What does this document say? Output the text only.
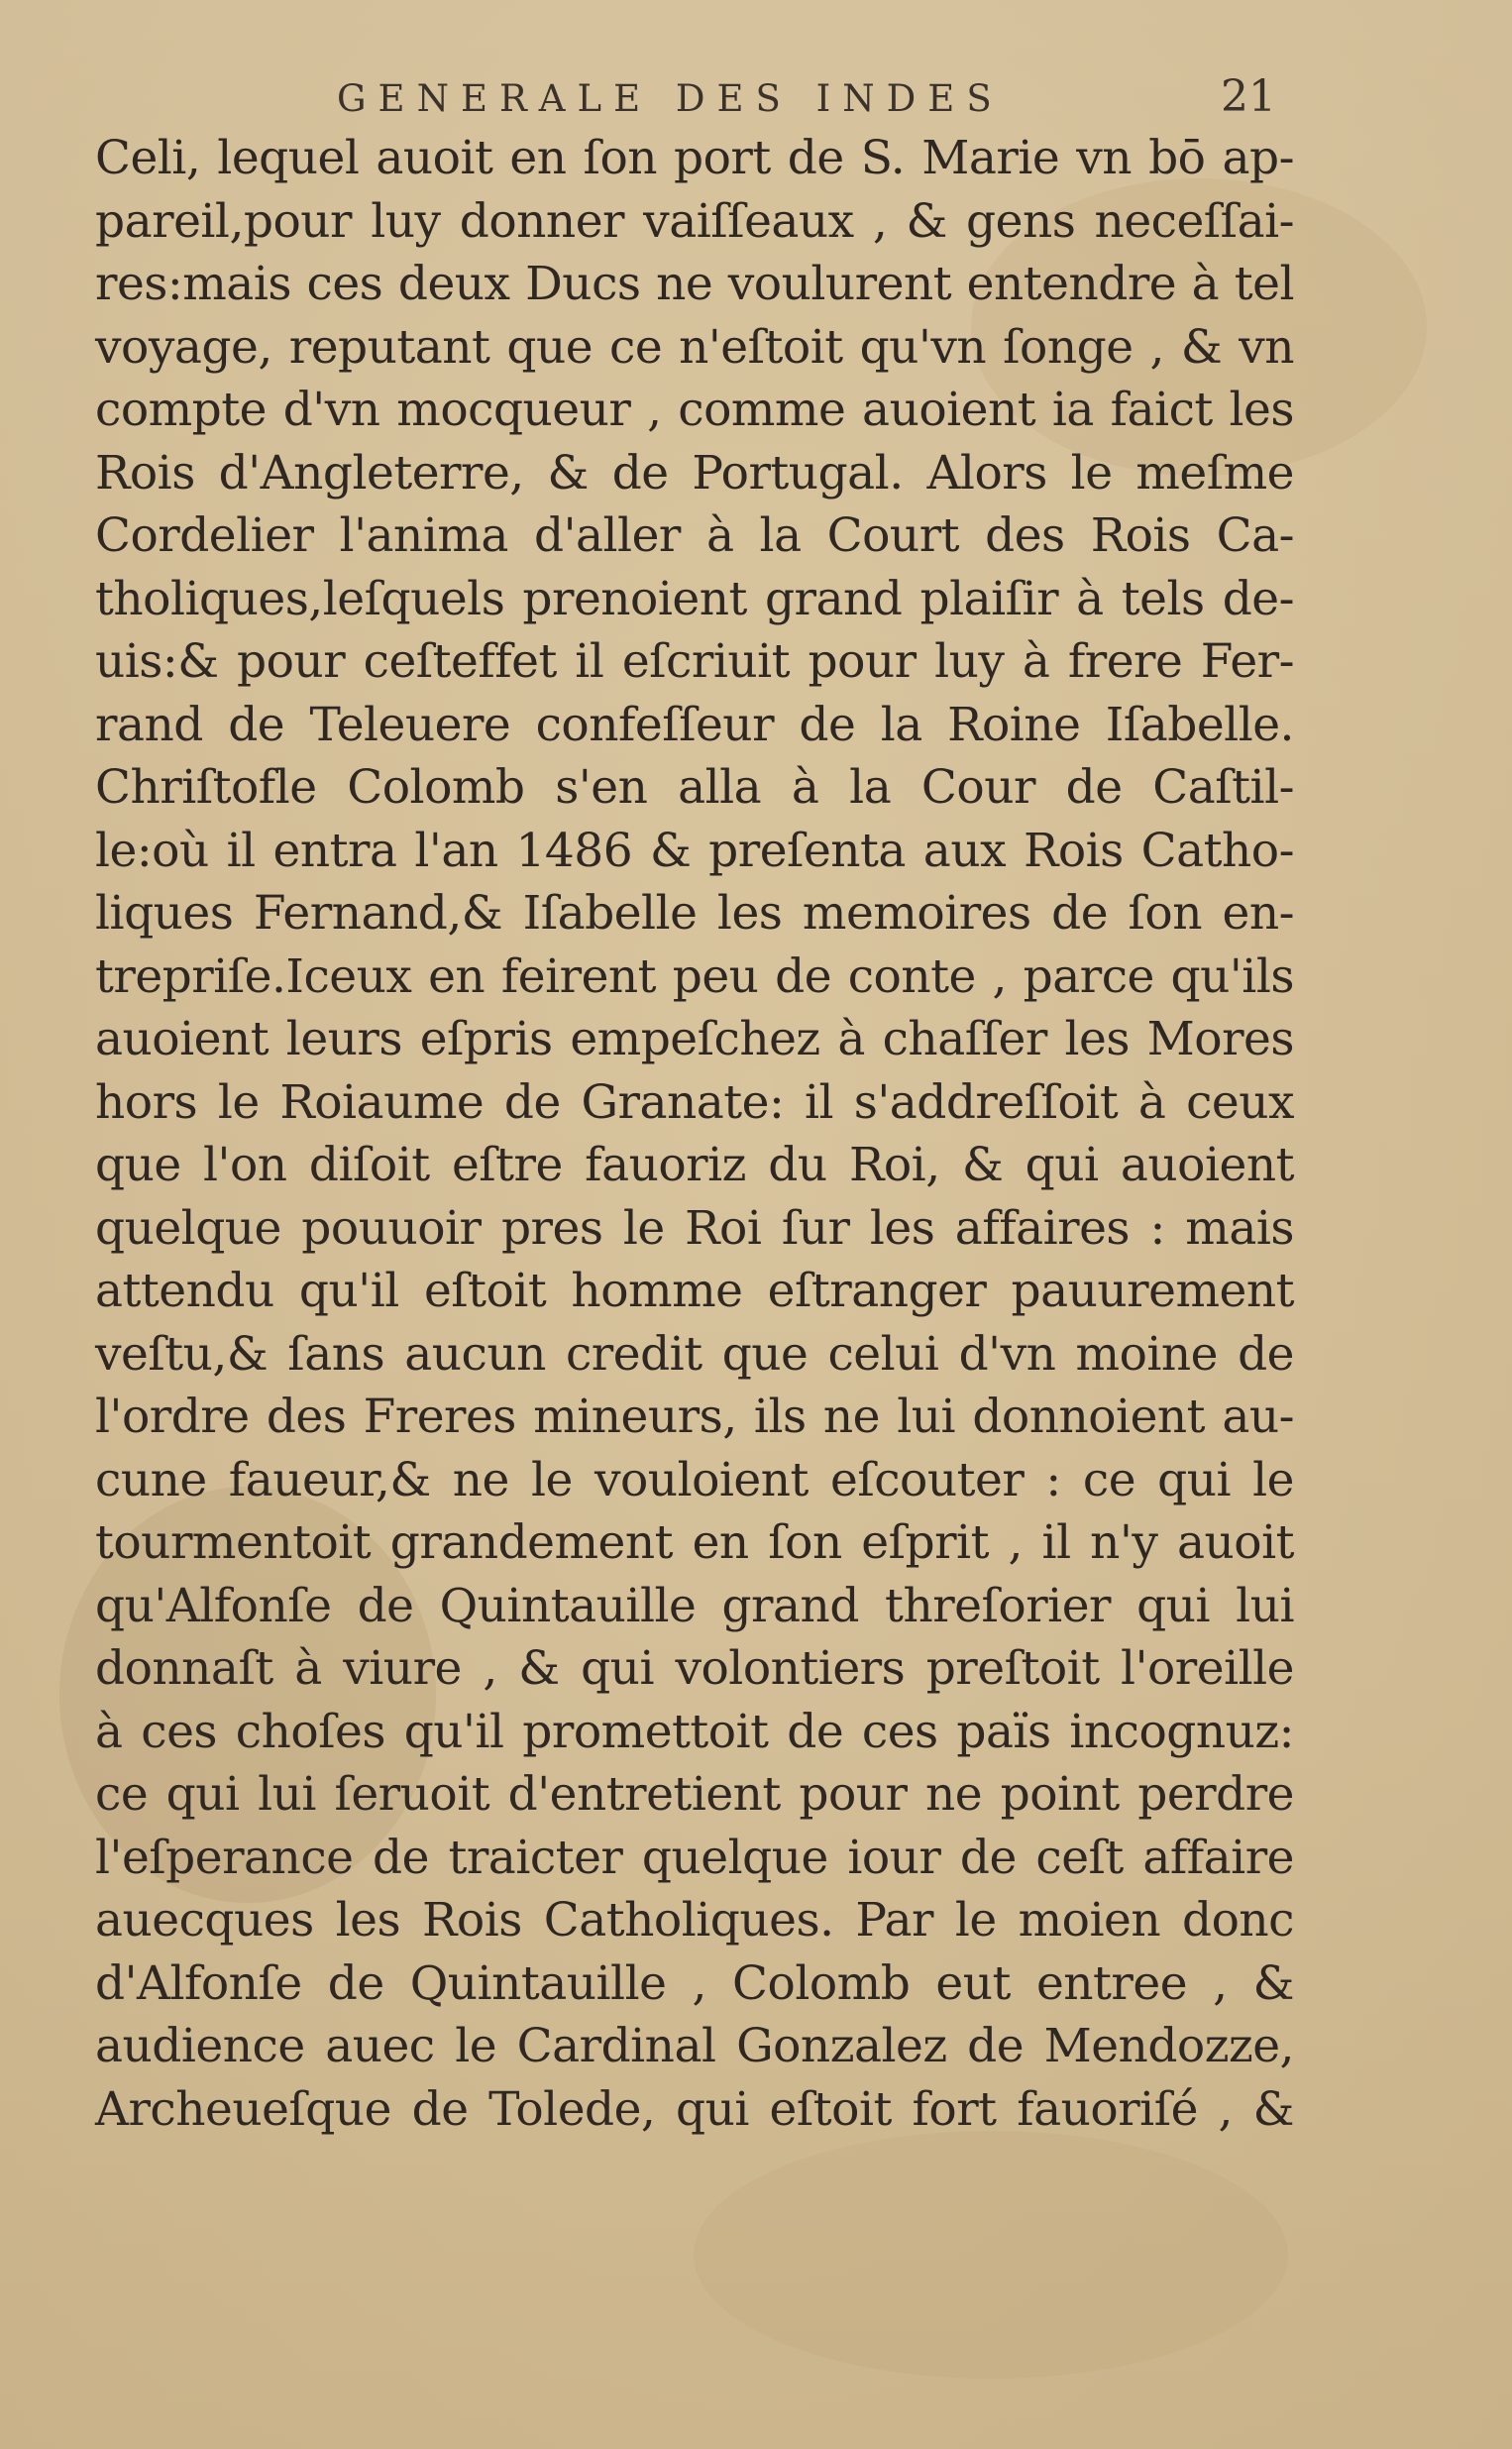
GENERALE DES INDES	21
Celi, lequel auoit en ſon port de S. Marie vn bō ap-
pareil,pour luy donner vaiſſeaux , & gens neceſſai-
res:mais ces deux Ducs ne voulurent entendre à tel
voyage, reputant que ce n'eſtoit qu'vn ſonge , & vn
compte d'vn mocqueur , comme auoient ia faict les
Rois d'Angleterre, & de Portugal. Alors le meſme
Cordelier l'anima d'aller à la Court des Rois Ca-
tholiques,leſquels prenoient grand plaiſir à tels de-
uis:& pour ceſteffet il eſcriuit pour luy à frere Fer-
rand de Teleuere confeſſeur de la Roine Iſabelle.
Chriſtofle Colomb s'en alla à la Cour de Caſtil-
le:où il entra l'an 1486 & preſenta aux Rois Catho-
liques Fernand,& Iſabelle les memoires de ſon en-
trepriſe.Iceux en feirent peu de conte , parce qu'ils
auoient leurs eſpris empeſchez à chaſſer les Mores
hors le Roiaume de Granate: il s'addreſſoit à ceux
que l'on diſoit eſtre fauoriz du Roi, & qui auoient
quelque pouuoir pres le Roi ſur les affaires : mais
attendu qu'il eſtoit homme eſtranger pauurement
veſtu,& ſans aucun credit que celui d'vn moine de
l'ordre des Freres mineurs, ils ne lui donnoient au-
cune faueur,& ne le vouloient eſcouter : ce qui le
tourmentoit grandement en ſon eſprit , il n'y auoit
qu'Alfonſe de Quintauille grand threſorier qui lui
donnaſt à viure , & qui volontiers preſtoit l'oreille
à ces choſes qu'il promettoit de ces païs incognuz:
ce qui lui ſeruoit d'entretient pour ne point perdre
l'eſperance de traicter quelque iour de ceſt affaire
auecques les Rois Catholiques. Par le moien donc
d'Alfonſe de Quintauille , Colomb eut entree , &
audience auec le Cardinal Gonzalez de Mendozze,
Archeueſque de Tolede, qui eſtoit fort fauoriſé , &
